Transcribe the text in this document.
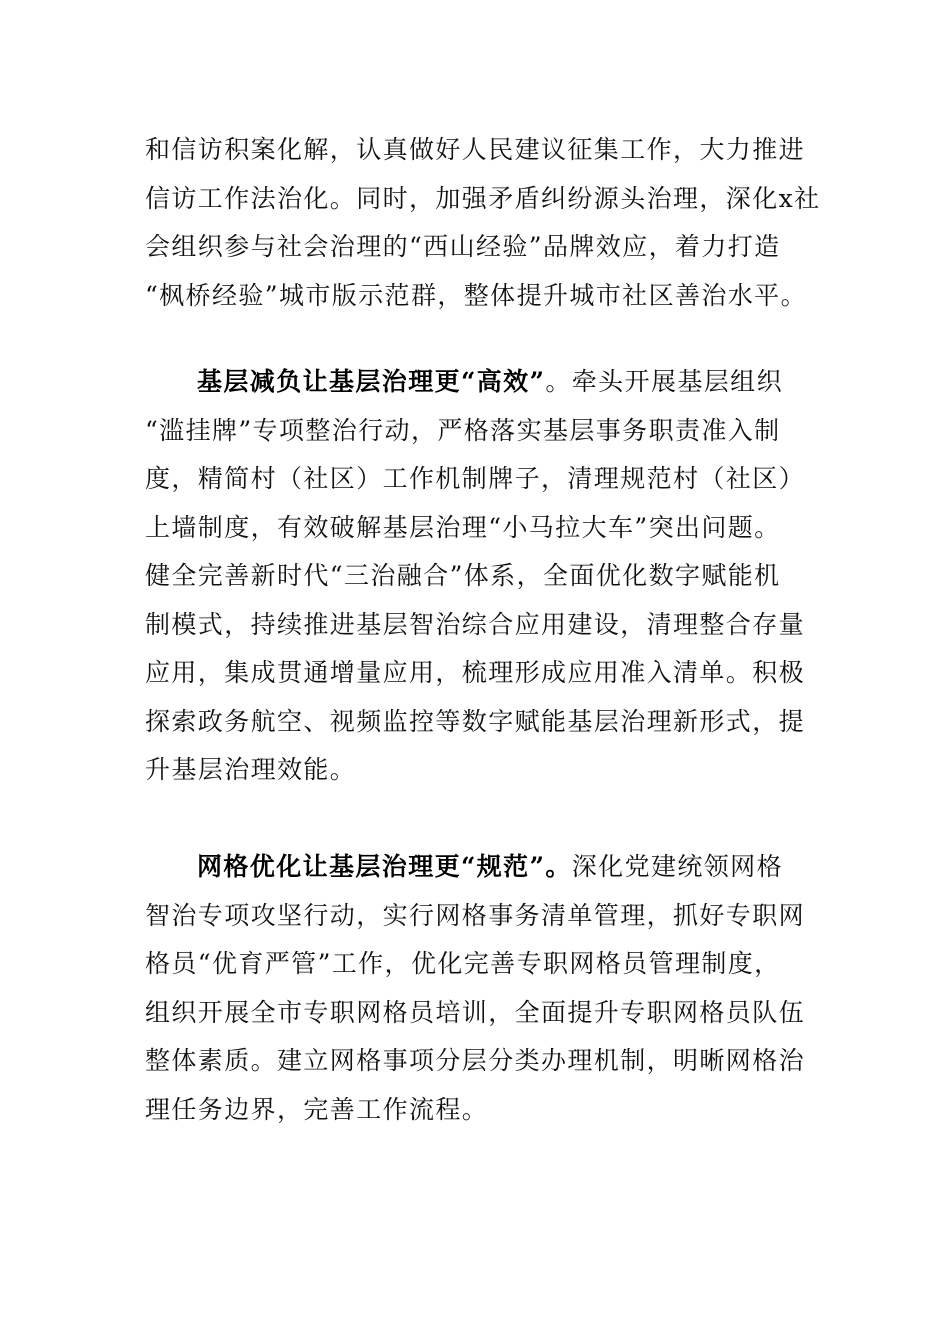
和信访积案化解，认真做好人民建议征集工作，大力推进
信访工作法治化。同时，加强矛盾纠纷源头治理，深化x社
会组织参与社会治理的“西山经验”品牌效应，着力打造
“枫桥经验”城市版示范群，整体提升城市社区善治水平。
基层减负让基层治理更“高效”。牵头开展基层组织
“滥挂牌”专项整治行动，严格落实基层事务职责准入制
度，精简村（社区）工作机制牌子，清理规范村（社区）
上墙制度，有效破解基层治理“小马拉大车”突出问题。
健全完善新时代“三治融合”体系，全面优化数字赋能机
制模式，持续推进基层智治综合应用建设，清理整合存量
应用，集成贯通增量应用，梳理形成应用准入清单。积极
探索政务航空、视频监控等数字赋能基层治理新形式，提
升基层治理效能。
网格优化让基层治理更“规范”。深化党建统领网格
智治专项攻坚行动，实行网格事务清单管理，抓好专职网
格员“优育严管”工作，优化完善专职网格员管理制度，
组织开展全市专职网格员培训，全面提升专职网格员队伍
整体素质。建立网格事项分层分类办理机制，明晰网格治
理任务边界，完善工作流程。
